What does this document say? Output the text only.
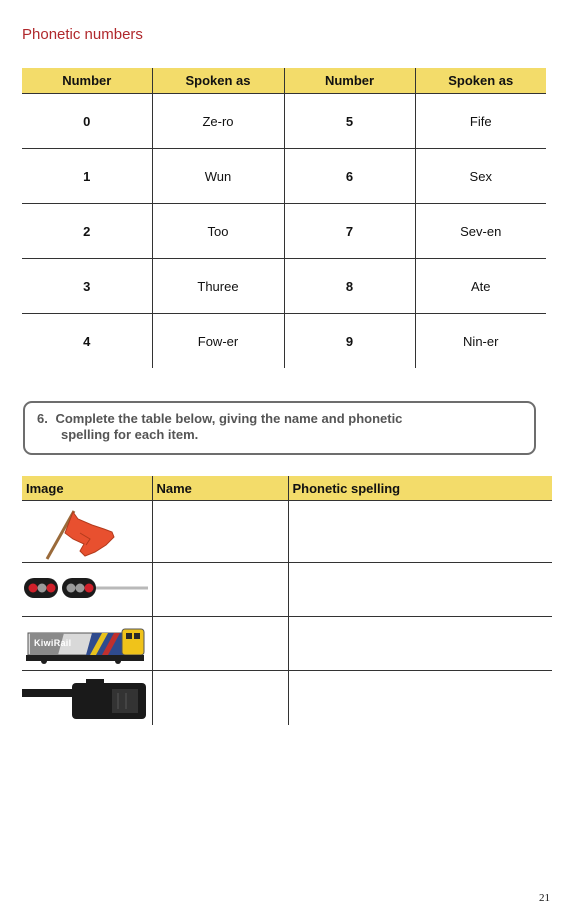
Phonetic numbers
Number	Spoken as	Number	Spoken as
0	Ze-ro	5	Fife
1	Wun	6	Sex
2	Too	7	Sev-en
3	Thuree	8	Ate
4	Fow-er	9	Nin-er
6. Complete the table below, giving the name and phonetic
spelling for each item.
Image	Name	Phonetic spelling

KiwiRail		

21
